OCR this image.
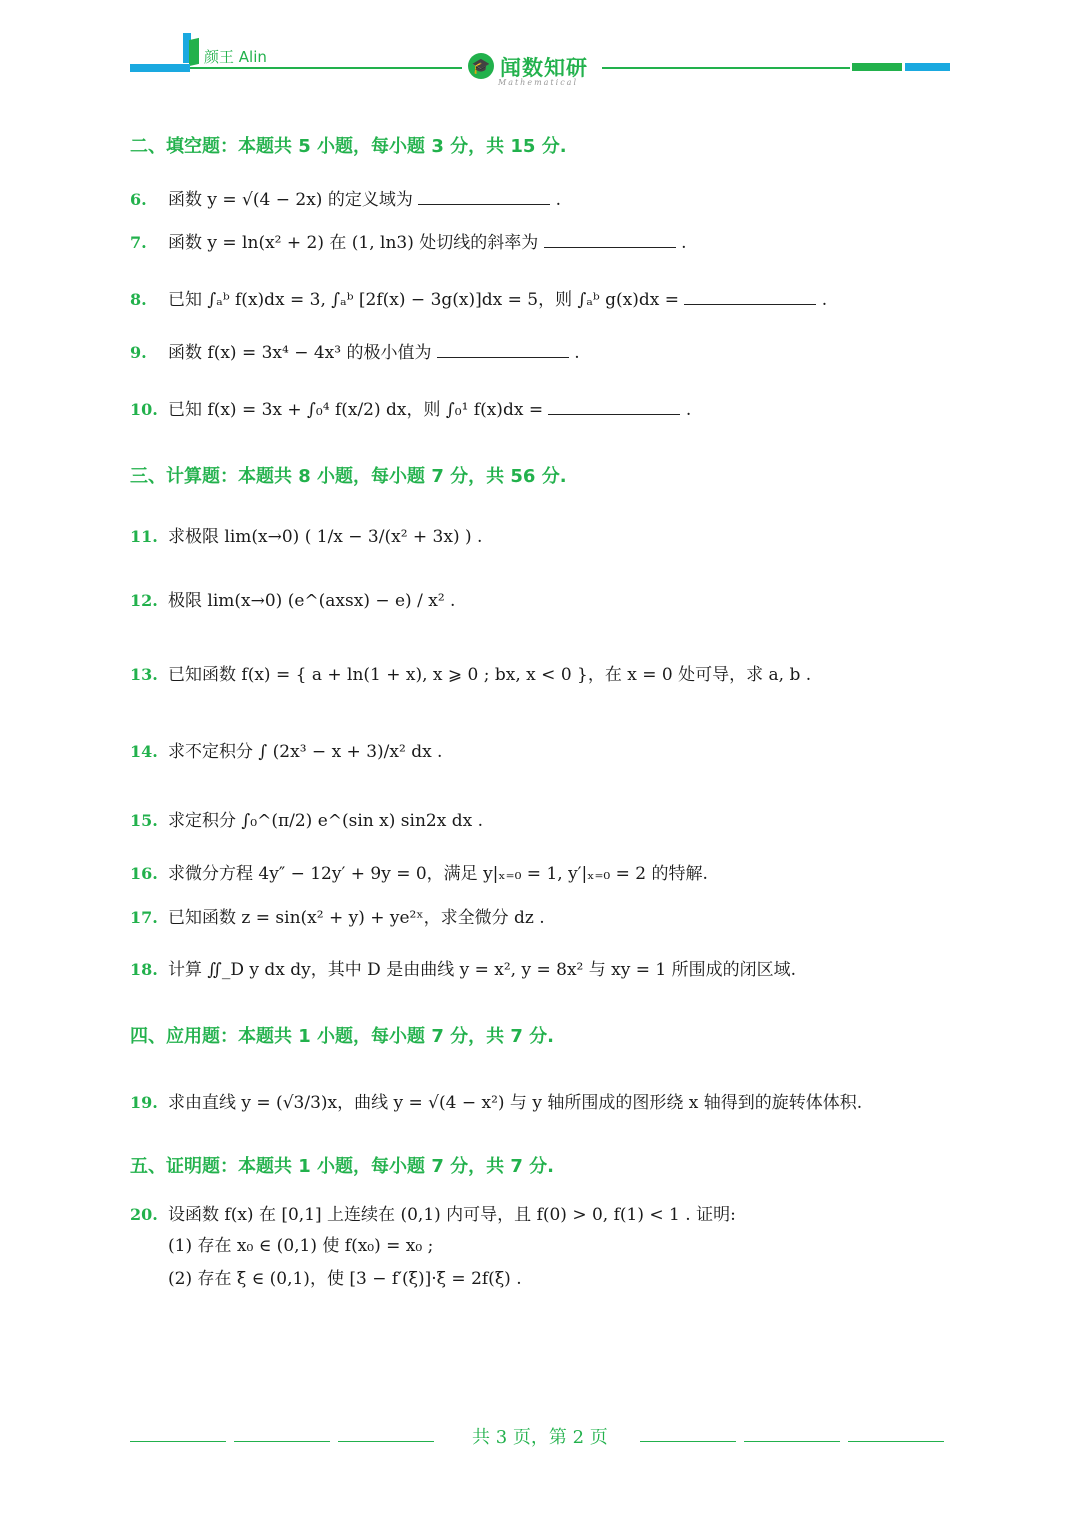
颜王 Alin	🎓 闻数知研
Mathematical
二、填空题：本题共 5 小题，每小题 3 分，共 15 分.
6. 函数 y = √(4 − 2x) 的定义域为	.
7. 函数 y = ln(x² + 2) 在 (1, ln3) 处切线的斜率为	.
8. 已知 ∫ₐᵇ f(x)dx = 3, ∫ₐᵇ [2f(x) − 3g(x)]dx = 5，则 ∫ₐᵇ g(x)dx =	.
9. 函数 f(x) = 3x⁴ − 4x³ 的极小值为	.
10. 已知 f(x) = 3x + ∫₀⁴ f(x/2) dx，则 ∫₀¹ f(x)dx =	.
三、计算题：本题共 8 小题，每小题 7 分，共 56 分.
11. 求极限 lim(x→0) ( 1/x − 3/(x² + 3x) ) .
12. 极限 lim(x→0) (e^(axsx) − e) / x² .
13. 已知函数 f(x) = { a + ln(1 + x), x ⩾ 0 ; bx, x < 0 }，在 x = 0 处可导，求 a, b .
14. 求不定积分 ∫ (2x³ − x + 3)/x² dx .
15. 求定积分 ∫₀^(π/2) e^(sin x) sin2x dx .
16. 求微分方程 4y″ − 12y′ + 9y = 0，满足 y|ₓ₌₀ = 1, y′|ₓ₌₀ = 2 的特解.
17. 已知函数 z = sin(x² + y) + ye²ˣ，求全微分 dz .
18. 计算 ∬_D y dx dy，其中 D 是由曲线 y = x², y = 8x² 与 xy = 1 所围成的闭区域.
四、应用题：本题共 1 小题，每小题 7 分，共 7 分.
19. 求由直线 y = (√3/3)x，曲线 y = √(4 − x²) 与 y 轴所围成的图形绕 x 轴得到的旋转体体积.
五、证明题：本题共 1 小题，每小题 7 分，共 7 分.
20. 设函数 f(x) 在 [0,1] 上连续在 (0,1) 内可导，且 f(0) > 0, f(1) < 1 . 证明:
(1) 存在 x₀ ∈ (0,1) 使 f(x₀) = x₀ ;
(2) 存在 ξ ∈ (0,1)，使 [3 − f′(ξ)]·ξ = 2f(ξ) .
共 3 页，第 2 页
